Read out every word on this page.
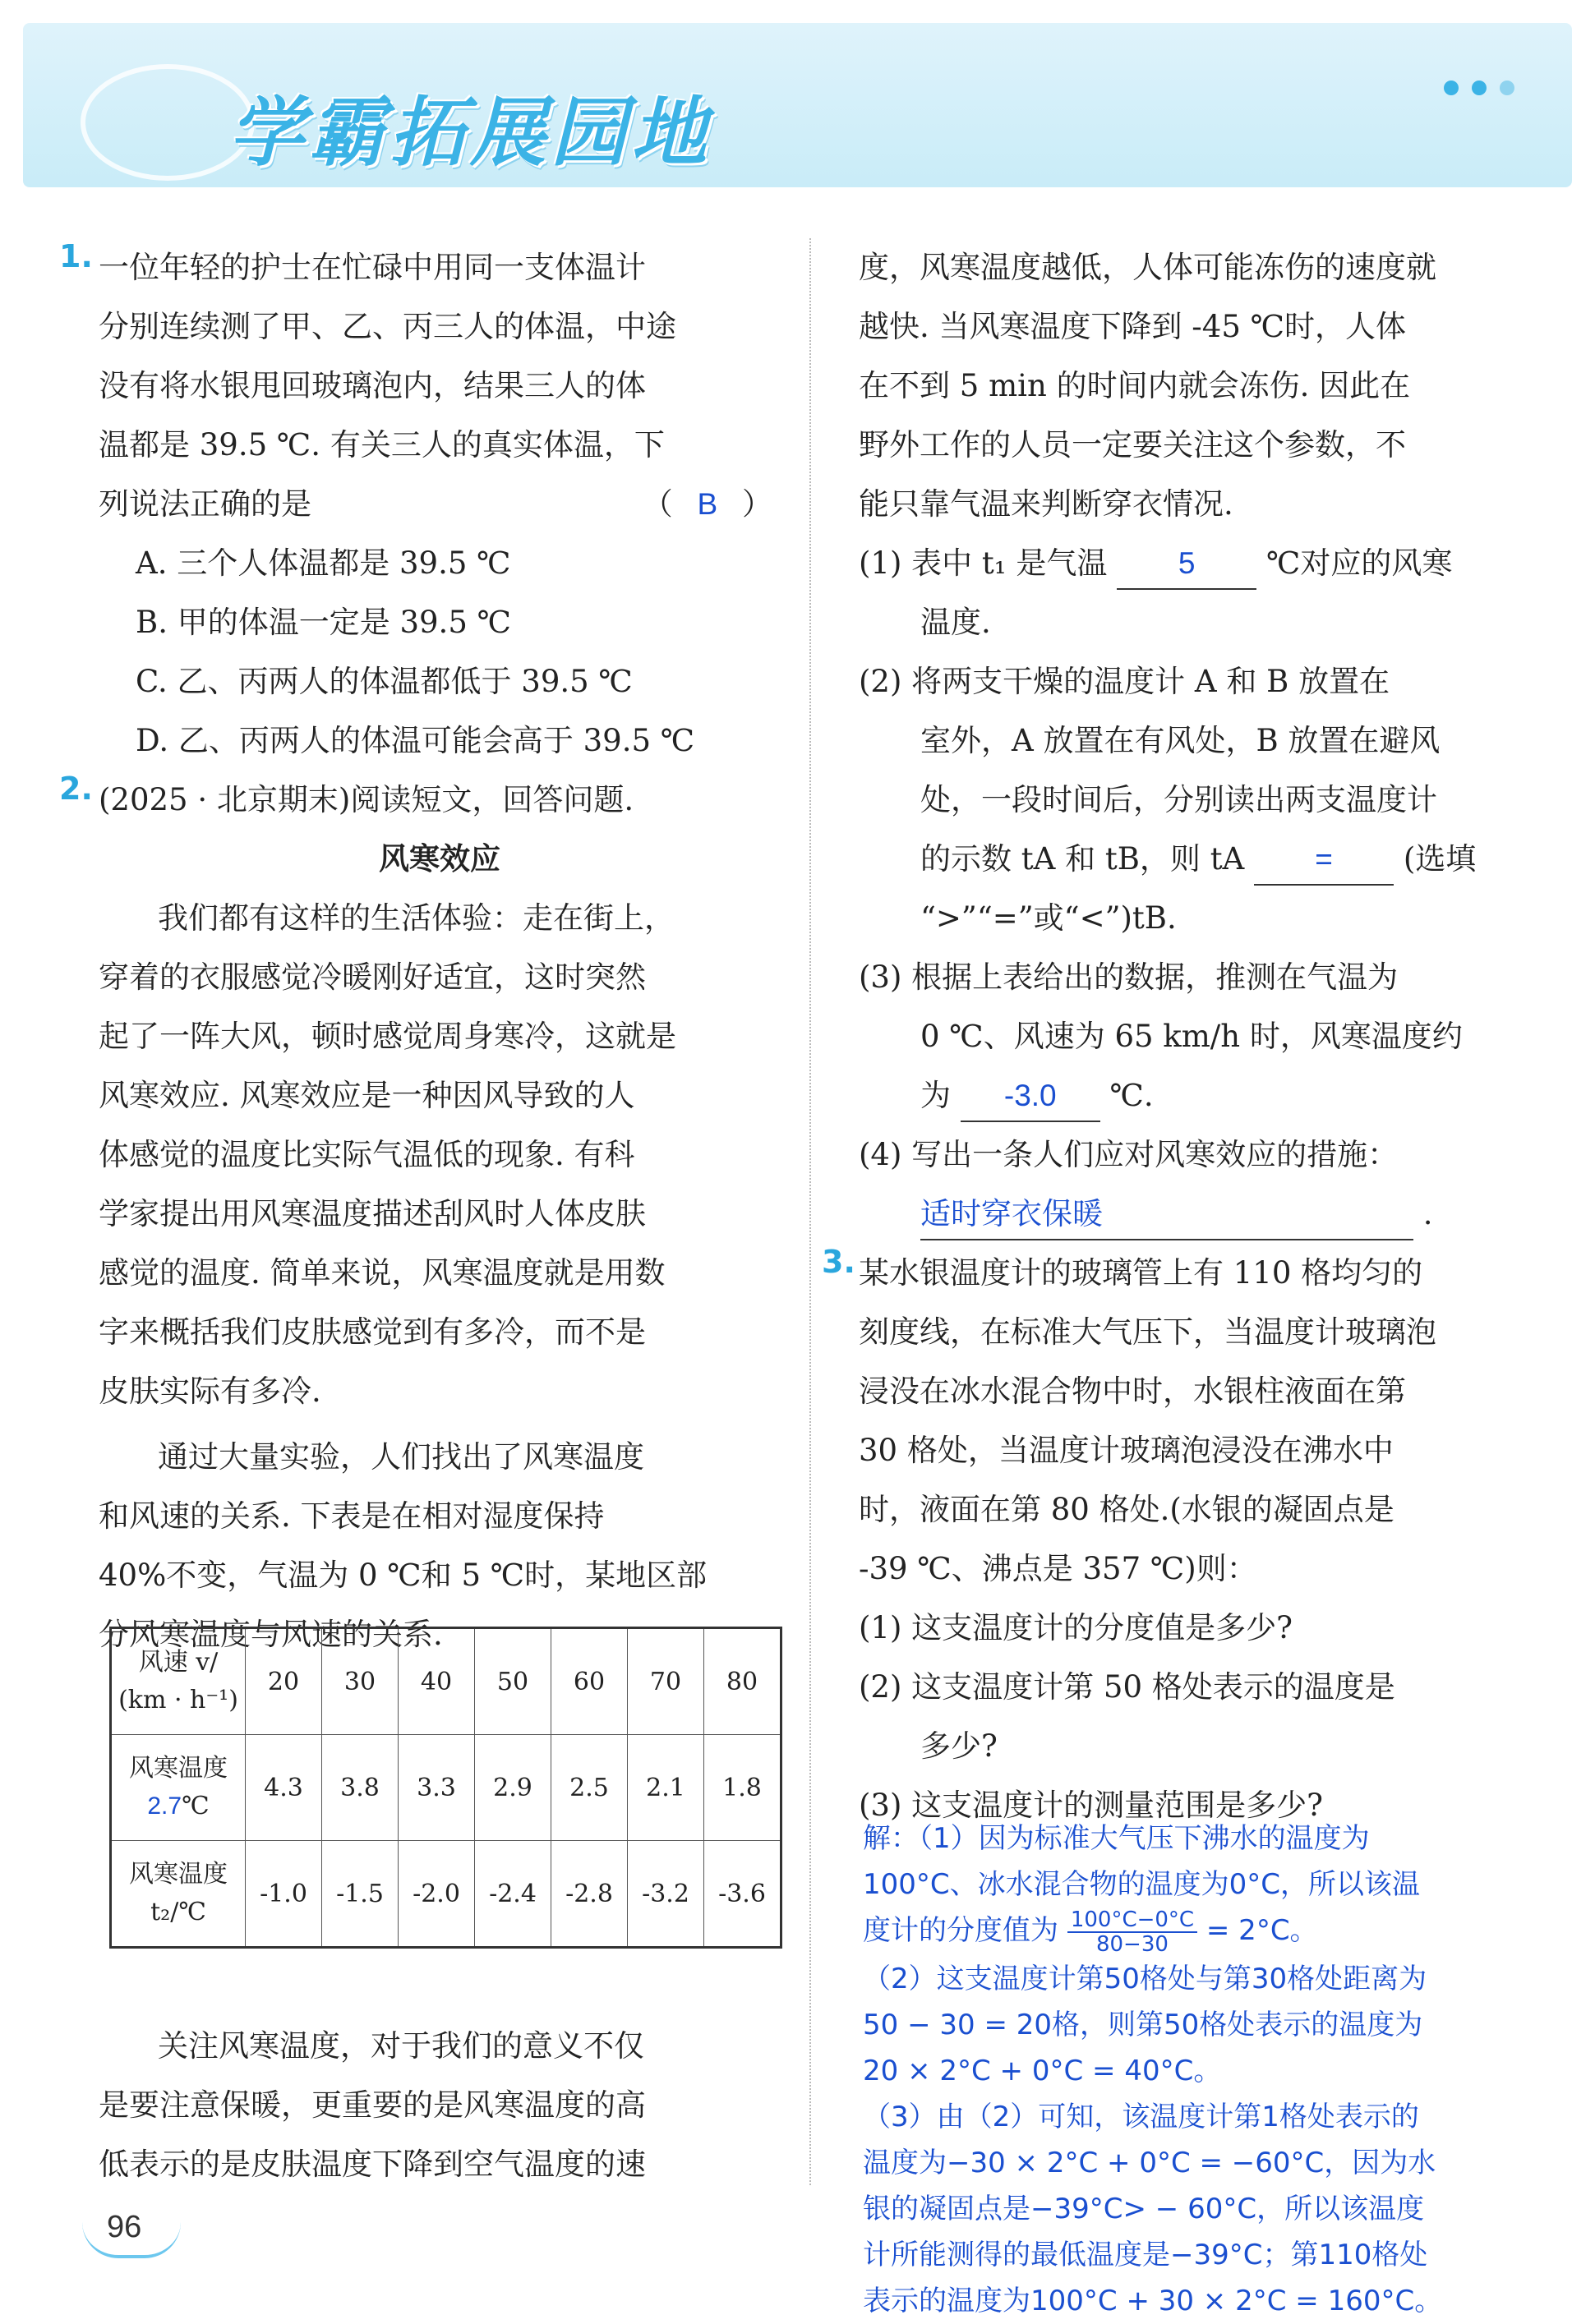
学霸拓展园地
1. 一位年轻的护士在忙碌中用同一支体温计
分别连续测了甲、乙、丙三人的体温，中途
没有将水银甩回玻璃泡内，结果三人的体
温都是 39.5 ℃. 有关三人的真实体温，下
列说法正确的是	（ B ）
A. 三个人体温都是 39.5 ℃
B. 甲的体温一定是 39.5 ℃
C. 乙、丙两人的体温都低于 39.5 ℃
D. 乙、丙两人的体温可能会高于 39.5 ℃
(2025 · 北京期末)阅读短文，回答问题.
风寒效应
我们都有这样的生活体验：走在街上，
穿着的衣服感觉冷暖刚好适宜，这时突然
起了一阵大风，顿时感觉周身寒冷，这就是
风寒效应. 风寒效应是一种因风导致的人
体感觉的温度比实际气温低的现象. 有科
学家提出用风寒温度描述刮风时人体皮肤
感觉的温度. 简单来说，风寒温度就是用数
字来概括我们皮肤感觉到有多冷，而不是
皮肤实际有多冷.
通过大量实验，人们找出了风寒温度
和风速的关系. 下表是在相对湿度保持
40%不变，气温为 0 ℃和 5 ℃时，某地区部
分风寒温度与风速的关系.
2.
风速 v/
(km · h⁻¹)	20	30	40	50	60	70	80

风寒温度
2.7℃	4.3	3.8	3.3	2.9	2.5	2.1	1.8

风寒温度
t₂/℃	-1.0	-1.5	-2.0	-2.4	-2.8	-3.2	-3.6
关注风寒温度，对于我们的意义不仅
是要注意保暖，更重要的是风寒温度的高
低表示的是皮肤温度下降到空气温度的速
度，风寒温度越低，人体可能冻伤的速度就
越快. 当风寒温度下降到 -45 ℃时，人体
在不到 5 min 的时间内就会冻伤. 因此在
野外工作的人员一定要关注这个参数，不
能只靠气温来判断穿衣情况.
(1) 表中 t₁ 是气温 5 ℃对应的风寒
温度.
(2) 将两支干燥的温度计 A 和 B 放置在
室外，A 放置在有风处，B 放置在避风
处，一段时间后，分别读出两支温度计
的示数 tA 和 tB，则 tA = (选填
“>”“=”或“<”)tB.
(3) 根据上表给出的数据，推测在气温为
0 ℃、风速为 65 km/h 时，风寒温度约
为 -3.0 ℃.
(4) 写出一条人们应对风寒效应的措施：
适时穿衣保暖	.
某水银温度计的玻璃管上有 110 格均匀的
刻度线，在标准大气压下，当温度计玻璃泡
浸没在冰水混合物中时，水银柱液面在第
30 格处，当温度计玻璃泡浸没在沸水中
时，液面在第 80 格处.(水银的凝固点是
-39 ℃、沸点是 357 ℃)则：
(1) 这支温度计的分度值是多少?
(2) 这支温度计第 50 格处表示的温度是
多少?
(3) 这支温度计的测量范围是多少?
3.
解：（1）因为标准大气压下沸水的温度为
100°C、冰水混合物的温度为0°C，所以该温
度计的分度值为 $\frac{100^\circ C-0^\circ C}{80-30} = 2^\circ C$。
（2）这支温度计第50格处与第30格处距离为
50 − 30 = 20格，则第50格处表示的温度为
20 × 2°C + 0°C = 40°C。
（3）由（2）可知，该温度计第1格处表示的
温度为−30 × 2°C + 0°C = −60°C，因为水
银的凝固点是−39°C> − 60°C，所以该温度
计所能测得的最低温度是−39°C；第110格处
表示的温度为100°C + 30 × 2°C = 160°C。
96
